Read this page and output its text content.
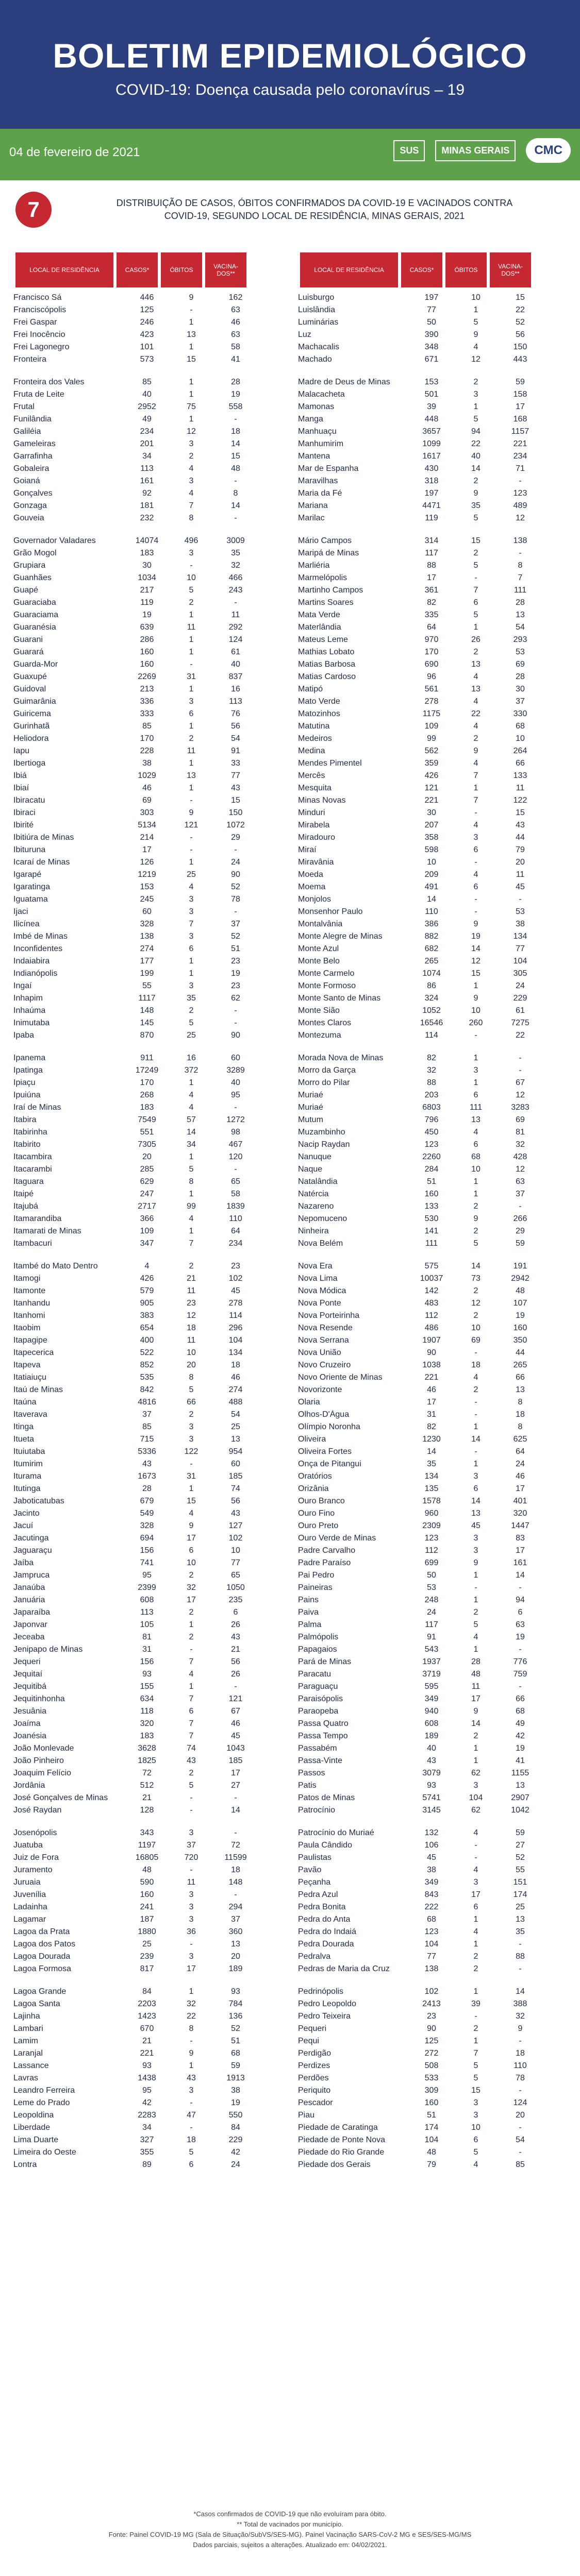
BOLETIM EPIDEMIOLÓGICO
COVID-19: Doença causada pelo coronavírus – 19
04 de fevereiro de 2021	SUS	MINAS GERAIS	CMC
7	DISTRIBUIÇÃO DE CASOS, ÓBITOS CONFIRMADOS DA COVID-19 E VACINADOS CONTRA
COVID-19, SEGUNDO LOCAL DE RESIDÊNCIA, MINAS GERAIS, 2021
LOCAL DE RESIDÊNCIA	CASOS*	ÓBITOS	VACINA-DOS**
Francisco Sá	446	9	162
Franciscópolis	125	-	63
Frei Gaspar	246	1	46
Frei Inocêncio	423	13	63
Frei Lagonegro	101	1	58
Fronteira	573	15	41
Fronteira dos Vales	85	1	28
Fruta de Leite	40	1	19
Frutal	2952	75	558
Funilândia	49	1	-
Galiléia	234	12	18
Gameleiras	201	3	14
Garrafinha	34	2	15
Gobaleira	113	4	48
Goianá	161	3	-
Gonçalves	92	4	8
Gonzaga	181	7	14
Gouveia	232	8	-
Governador Valadares	14074	496	3009
Grão Mogol	183	3	35
Grupiara	30	-	32
Guanhães	1034	10	466
Guapé	217	5	243
Guaraciaba	119	2	-
Guaraciama	19	1	11
Guaranésia	639	11	292
Guarani	286	1	124
Guarará	160	1	61
Guarda-Mor	160	-	40
Guaxupé	2269	31	837
Guidoval	213	1	16
Guimarânia	336	3	113
Guiricema	333	6	76
Gurinhatã	85	1	56
Heliodora	170	2	54
Iapu	228	11	91
Ibertioga	38	1	33
Ibiá	1029	13	77
Ibiaí	46	1	43
Ibiracatu	69	-	15
Ibiraci	303	9	150
Ibirité	5134	121	1072
Ibitiúra de Minas	214	-	29
Ibituruna	17	-	-
Icaraí de Minas	126	1	24
Igarapé	1219	25	90
Igaratinga	153	4	52
Iguatama	245	3	78
Ijaci	60	3	-
Ilicínea	328	7	37
Imbé de Minas	138	3	52
Inconfidentes	274	6	51
Indaiabira	177	1	23
Indianópolis	199	1	19
Ingaí	55	3	23
Inhapim	1117	35	62
Inhaúma	148	2	-
Inimutaba	145	5	-
Ipaba	870	25	90
Ipanema	911	16	60
Ipatinga	17249	372	3289
Ipiaçu	170	1	40
Ipuiúna	268	4	95
Iraí de Minas	183	4	-
Itabira	7549	57	1272
Itabirinha	551	14	98
Itabirito	7305	34	467
Itacambira	20	1	120
Itacarambi	285	5	-
Itaguara	629	8	65
Itaipé	247	1	58
Itajubá	2717	99	1839
Itamarandiba	366	4	110
Itamarati de Minas	109	1	64
Itambacuri	347	7	234
Itambé do Mato Dentro	4	2	23
Itamogi	426	21	102
Itamonte	579	11	45
Itanhandu	905	23	278
Itanhomi	383	12	114
Itaobim	654	18	296
Itapagipe	400	11	104
Itapecerica	522	10	134
Itapeva	852	20	18
Itatiaiuçu	535	8	46
Itaú de Minas	842	5	274
Itaúna	4816	66	488
Itaverava	37	2	54
Itinga	85	3	25
Itueta	715	3	13
Ituiutaba	5336	122	954
Itumirim	43	-	60
Iturama	1673	31	185
Itutinga	28	1	74
Jaboticatubas	679	15	56
Jacinto	549	4	43
Jacuí	328	9	127
Jacutinga	694	17	102
Jaguaraçu	156	6	10
Jaíba	741	10	77
Jampruca	95	2	65
Janaúba	2399	32	1050
Januária	608	17	235
Japaraíba	113	2	6
Japonvar	105	1	26
Jeceaba	81	2	43
Jenipapo de Minas	31	-	21
Jequeri	156	7	56
Jequitaí	93	4	26
Jequitibá	155	1	-
Jequitinhonha	634	7	121
Jesuânia	118	6	67
Joaíma	320	7	46
Joanésia	183	7	45
João Monlevade	3628	74	1043
João Pinheiro	1825	43	185
Joaquim Felício	72	2	17
Jordânia	512	5	27
José Gonçalves de Minas	21	-	-
José Raydan	128	-	14
Josenópolis	343	3	-
Juatuba	1197	37	72
Juiz de Fora	16805	720	11599
Juramento	48	-	18
Juruaia	590	11	148
Juvenília	160	3	-
Ladainha	241	3	294
Lagamar	187	3	37
Lagoa da Prata	1880	36	360
Lagoa dos Patos	25	-	13
Lagoa Dourada	239	3	20
Lagoa Formosa	817	17	189
Lagoa Grande	84	1	93
Lagoa Santa	2203	32	784
Lajinha	1423	22	136
Lambari	670	8	52
Lamim	21	-	51
Laranjal	221	9	68
Lassance	93	1	59
Lavras	1438	43	1913
Leandro Ferreira	95	3	38
Leme do Prado	42	-	19
Leopoldina	2283	47	550
Liberdade	34	-	84
Lima Duarte	327	18	229
Limeira do Oeste	355	5	42
Lontra	89	6	24
LOCAL DE RESIDÊNCIA	CASOS*	ÓBITOS	VACINA-DOS**
Luisburgo	197	10	15
Luislândia	77	1	22
Luminárias	50	5	52
Luz	390	9	56
Machacalis	348	4	150
Machado	671	12	443
Madre de Deus de Minas	153	2	59
Malacacheta	501	3	158
Mamonas	39	1	17
Manga	448	5	168
Manhuaçu	3657	94	1157
Manhumirim	1099	22	221
Mantena	1617	40	234
Mar de Espanha	430	14	71
Maravilhas	318	2	-
Maria da Fé	197	9	123
Mariana	4471	35	489
Marilac	119	5	12
Mário Campos	314	15	138
Maripá de Minas	117	2	-
Marliéria	88	5	8
Marmelópolis	17	-	7
Martinho Campos	361	7	111
Martins Soares	82	6	28
Mata Verde	335	5	13
Materlândia	64	1	54
Mateus Leme	970	26	293
Mathias Lobato	170	2	53
Matias Barbosa	690	13	69
Matias Cardoso	96	4	28
Matipó	561	13	30
Mato Verde	278	4	37
Matozinhos	1175	22	330
Matutina	109	4	68
Medeiros	99	2	10
Medina	562	9	264
Mendes Pimentel	359	4	66
Mercês	426	7	133
Mesquita	121	1	11
Minas Novas	221	7	122
Minduri	30	-	15
Mirabela	207	4	43
Miradouro	358	3	44
Miraí	598	6	79
Miravânia	10	-	20
Moeda	209	4	11
Moema	491	6	45
Monjolos	14	-	-
Monsenhor Paulo	110	-	53
Montalvânia	386	9	38
Monte Alegre de Minas	882	19	134
Monte Azul	682	14	77
Monte Belo	265	12	104
Monte Carmelo	1074	15	305
Monte Formoso	86	1	24
Monte Santo de Minas	324	9	229
Monte Sião	1052	10	61
Montes Claros	16546	260	7275
Montezuma	114	-	22
Morada Nova de Minas	82	1	-
Morro da Garça	32	3	-
Morro do Pilar	88	1	67
Muriaé	203	6	12
Muriaé	6803	111	3283
Mutum	796	13	69
Muzambinho	450	4	81
Nacip Raydan	123	6	32
Nanuque	2260	68	428
Naque	284	10	12
Natalândia	51	1	63
Natércia	160	1	37
Nazareno	133	2	-
Nepomuceno	530	9	266
Ninheira	141	2	29
Nova Belém	111	5	59
Nova Era	575	14	191
Nova Lima	10037	73	2942
Nova Módica	142	2	48
Nova Ponte	483	12	107
Nova Porteirinha	112	2	19
Nova Resende	486	10	160
Nova Serrana	1907	69	350
Nova União	90	-	44
Novo Cruzeiro	1038	18	265
Novo Oriente de Minas	221	4	66
Novorizonte	46	2	13
Olaria	17	-	8
Olhos-D'Água	31	-	18
Olímpio Noronha	82	1	8
Oliveira	1230	14	625
Oliveira Fortes	14	-	64
Onça de Pitangui	35	1	24
Oratórios	134	3	46
Orizânia	135	6	17
Ouro Branco	1578	14	401
Ouro Fino	960	13	320
Ouro Preto	2309	45	1447
Ouro Verde de Minas	123	3	83
Padre Carvalho	112	3	17
Padre Paraíso	699	9	161
Pai Pedro	50	1	14
Paineiras	53	-	-
Pains	248	1	94
Paiva	24	2	6
Palma	117	5	63
Palmópolis	91	4	19
Papagaios	543	1	-
Pará de Minas	1937	28	776
Paracatu	3719	48	759
Paraguaçu	595	11	-
Paraisópolis	349	17	66
Paraopeba	940	9	68
Passa Quatro	608	14	49
Passa Tempo	189	2	42
Passabém	40	1	19
Passa-Vinte	43	1	41
Passos	3079	62	1155
Patis	93	3	13
Patos de Minas	5741	104	2907
Patrocínio	3145	62	1042
Patrocínio do Muriaé	132	4	59
Paula Cândido	106	-	27
Paulistas	45	-	52
Pavão	38	4	55
Peçanha	349	3	151
Pedra Azul	843	17	174
Pedra Bonita	222	6	25
Pedra do Anta	68	1	13
Pedra do Indaiá	123	4	35
Pedra Dourada	104	1	-
Pedralva	77	2	88
Pedras de Maria da Cruz	138	2	-
Pedrinópolis	102	1	14
Pedro Leopoldo	2413	39	388
Pedro Teixeira	23	-	32
Pequeri	90	2	9
Pequi	125	1	-
Perdigão	272	7	18
Perdizes	508	5	110
Perdões	533	5	78
Periquito	309	15	-
Pescador	160	3	124
Piau	51	3	20
Piedade de Caratinga	174	10	-
Piedade de Ponte Nova	104	6	54
Piedade do Rio Grande	48	5	-
Piedade dos Gerais	79	4	85
*Casos confirmados de COVID-19 que não evoluíram para óbito.
** Total de vacinados por município.
Fonte: Painel COVID-19 MG (Sala de Situação/SubVS/SES-MG). Painel Vacinação SARS-CoV-2 MG e SES/SES-MG/MS
Dados parciais, sujeitos a alterações. Atualizado em: 04/02/2021.
